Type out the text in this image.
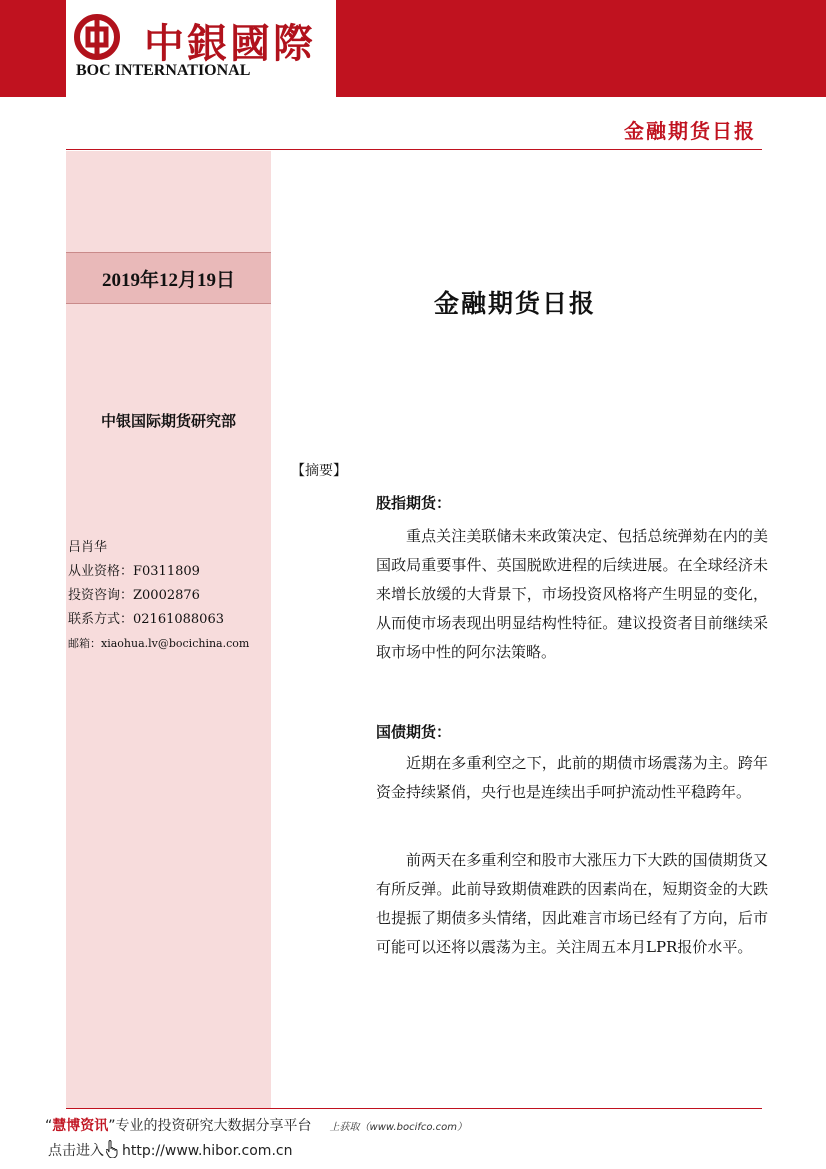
中銀國際
BOC INTERNATIONAL
金融期货日报
2019年12月19日
中银国际期货研究部
吕肖华
从业资格：F0311809
投资咨询：Z0002876
联系方式：02161088063
邮箱：xiaohua.lv@bocichina.com
金融期货日报
【摘要】
股指期货：

重点关注美联储未来政策决定、包括总统弹劾在内的美国政局重要事件、英国脱欧进程的后续进展。在全球经济未来增长放缓的大背景下，市场投资风格将产生明显的变化，从而使市场表现出明显结构性特征。建议投资者目前继续采取市场中性的阿尔法策略。

国债期货：

近期在多重利空之下，此前的期债市场震荡为主。跨年资金持续紧俏，央行也是连续出手呵护流动性平稳跨年。

前两天在多重利空和股市大涨压力下大跌的国债期货又有所反弹。此前导致期债难跌的因素尚在，短期资金的大跌也提振了期债多头情绪，因此难言市场已经有了方向，后市可能可以还将以震荡为主。关注周五本月LPR报价水平。

“慧博资讯”专业的投资研究大数据分享平台 上获取（www.bocifco.com）
点击进入 http://www.hibor.com.cn
